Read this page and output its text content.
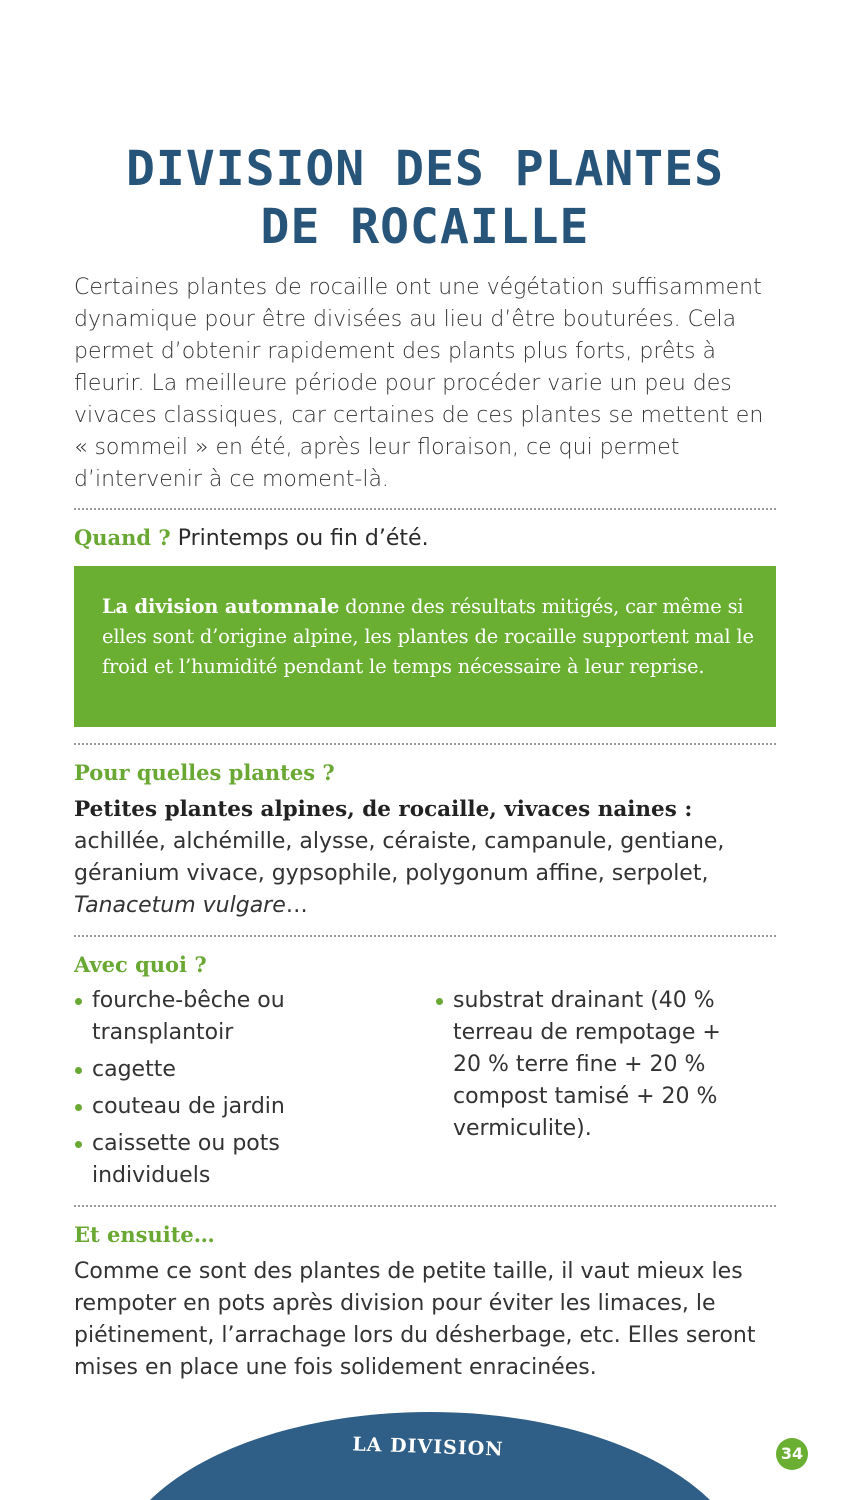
DIVISION DES PLANTES
DE ROCAILLE

Certaines plantes de rocaille ont une végétation suffisamment dynamique pour être divisées au lieu d’être bouturées. Cela permet d’obtenir rapidement des plants plus forts, prêts à fleurir. La meilleure période pour procéder varie un peu des vivaces classiques, car certaines de ces plantes se mettent en « sommeil » en été, après leur floraison, ce qui permet d’intervenir à ce moment-là.

Quand ? Printemps ou fin d’été.

La division automnale donne des résultats mitigés, car même si elles sont d’origine alpine, les plantes de rocaille supportent mal le froid et l’humidité pendant le temps nécessaire à leur reprise.

Pour quelles plantes ?

Petites plantes alpines, de rocaille, vivaces naines :
achillée, alchémille, alysse, céraiste, campanule, gentiane, géranium vivace, gypsophile, polygonum affine, serpolet, Tanacetum vulgare…

Avec quoi ?
fourche-bêche ou transplantoir
cagette
couteau de jardin
caissette ou pots individuels
substrat drainant (40 % terreau de rempotage + 20 % terre fine + 20 % compost tamisé + 20 % vermiculite).
Et ensuite…

Comme ce sont des plantes de petite taille, il vaut mieux les rempoter en pots après division pour éviter les limaces, le piétinement, l’arrachage lors du désherbage, etc. Elles seront mises en place une fois solidement enracinées.

LA DIVISION	34
